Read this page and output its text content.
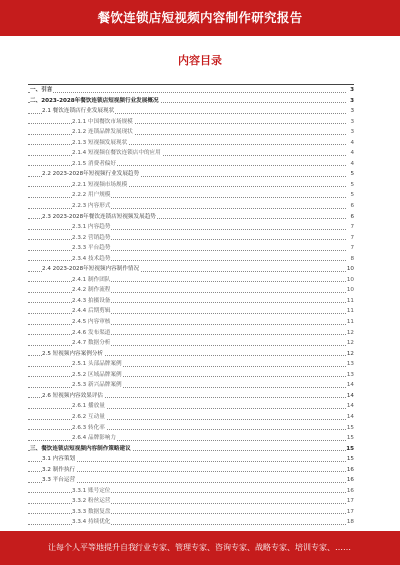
餐饮连锁店短视频内容制作研究报告
内容目录
一、引言	3
二、2023-2028年餐饮连锁店短视频行业发展概况	3
2.1 餐饮连锁店行业发展现状	3
2.1.1 中国餐饮市场规模	3
2.1.2 连锁品牌发展现状	3
2.1.3 短视频发展现状	4
2.1.4 短视频在餐饮连锁店中的应用	4
2.1.5 消费者偏好	4
2.2 2023-2028年短视频行业发展趋势	5
2.2.1 短视频市场规模	5
2.2.2 用户规模	5
2.2.3 内容形式	6
2.3 2023-2028年餐饮连锁店短视频发展趋势	6
2.3.1 内容趋势	7
2.3.2 营销趋势	7
2.3.3 平台趋势	7
2.3.4 技术趋势	8
2.4 2023-2028年短视频内容制作情况	10
2.4.1 制作团队	10
2.4.2 制作流程	10
2.4.3 拍摄设备	11
2.4.4 后期剪辑	11
2.4.5 内容审核	11
2.4.6 发布渠道	12
2.4.7 数据分析	12
2.5 短视频内容案例分析	12
2.5.1 头部品牌案例	13
2.5.2 区域品牌案例	13
2.5.3 新兴品牌案例	14
2.6 短视频内容效果评估	14
2.6.1 播放量	14
2.6.2 互动量	14
2.6.3 转化率	15
2.6.4 品牌影响力	15
三、餐饮连锁店短视频内容制作策略建议	15
3.1 内容策划	15
3.2 制作执行	16
3.3 平台运营	16
3.3.1 账号定位	16
3.3.2 粉丝运营	17
3.3.3 数据复盘	17
3.3.4 持续优化	18
让每个人平等地提升自我 行业专家、管理专家、咨询专家、战略专家、培训专家、……
